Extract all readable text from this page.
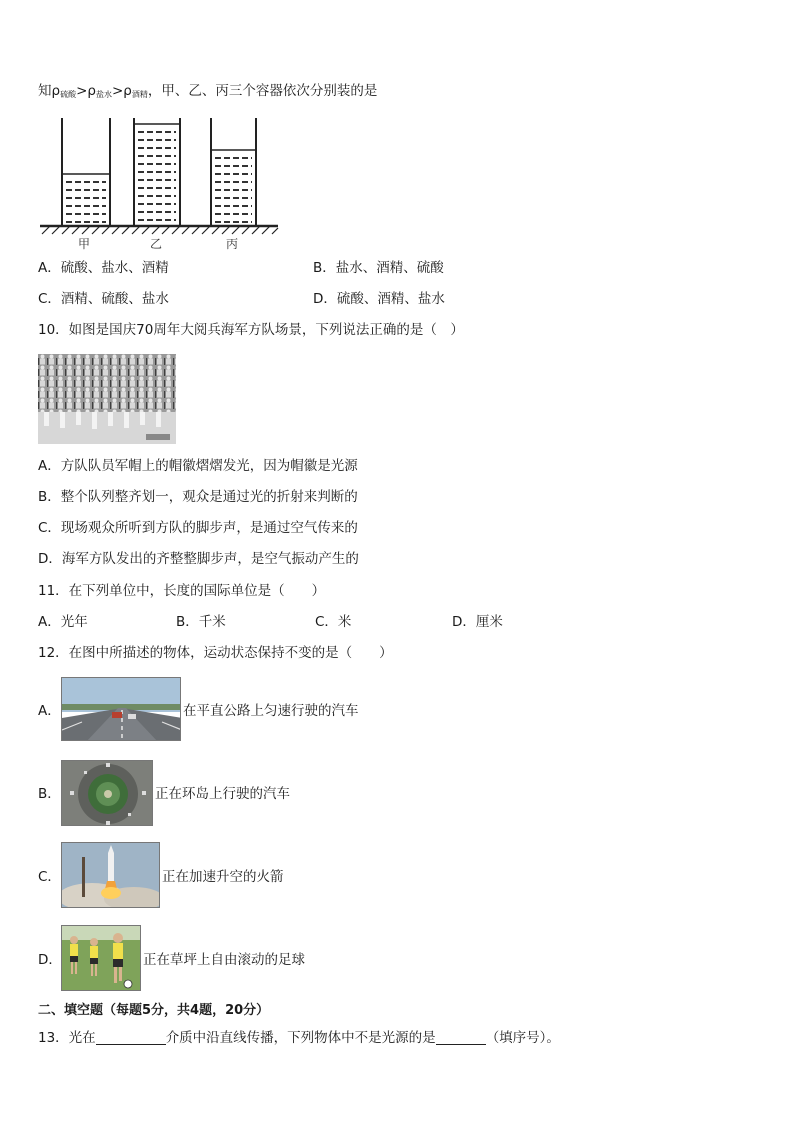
知$\rho_{硫酸}>\rho_{盐水}>\rho_{酒精}$，甲、乙、丙三个容器依次分别装的是
甲	乙	丙
A．硫酸、盐水、酒精	B．盐水、酒精、硫酸
C．酒精、硫酸、盐水	D．硫酸、酒精、盐水
10．如图是国庆70周年大阅兵海军方队场景，下列说法正确的是（　）
A．方队队员军帽上的帽徽熠熠发光，因为帽徽是光源
B．整个队列整齐划一，观众是通过光的折射来判断的
C．现场观众所听到方队的脚步声，是通过空气传来的
D．海军方队发出的齐整整脚步声，是空气振动产生的
11．在下列单位中，长度的国际单位是（　　）
A．光年	B．千米	C．米	D．厘米
12．在图中所描述的物体，运动状态保持不变的是（　　）
A．	在平直公路上匀速行驶的汽车
B．	正在环岛上行驶的汽车
C．	正在加速升空的火箭
D．	正在草坪上自由滚动的足球
二、填空题（每题5分，共4题，20分）
13．光在	介质中沿直线传播，下列物体中不是光源的是	（填序号）。
